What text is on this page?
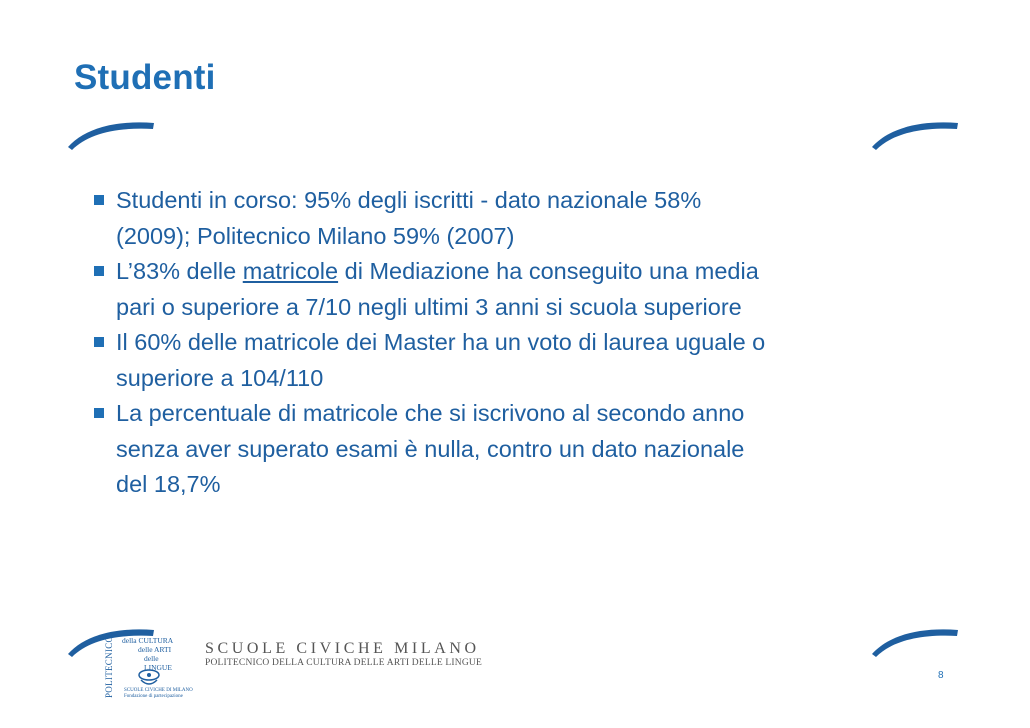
Studenti
Studenti in corso: 95% degli iscritti - dato nazionale 58%
(2009); Politecnico Milano 59% (2007)
L’83% delle matricole di Mediazione ha conseguito una media
pari o superiore a 7/10 negli ultimi 3 anni si scuola superiore
Il 60% delle matricole dei Master ha un voto di laurea uguale o
superiore a 104/110
La percentuale di matricole che si iscrivono al secondo anno
senza aver superato esami è nulla, contro un dato nazionale
del 18,7%
POLITECNICO	della CULTURA
delle ARTI
delle LINGUE
SCUOLE CIVICHE DI MILANO
Fondazione di partecipazione
SCUOLE CIVICHE MILANO
POLITECNICO DELLA CULTURA DELLE ARTI DELLE LINGUE
8
